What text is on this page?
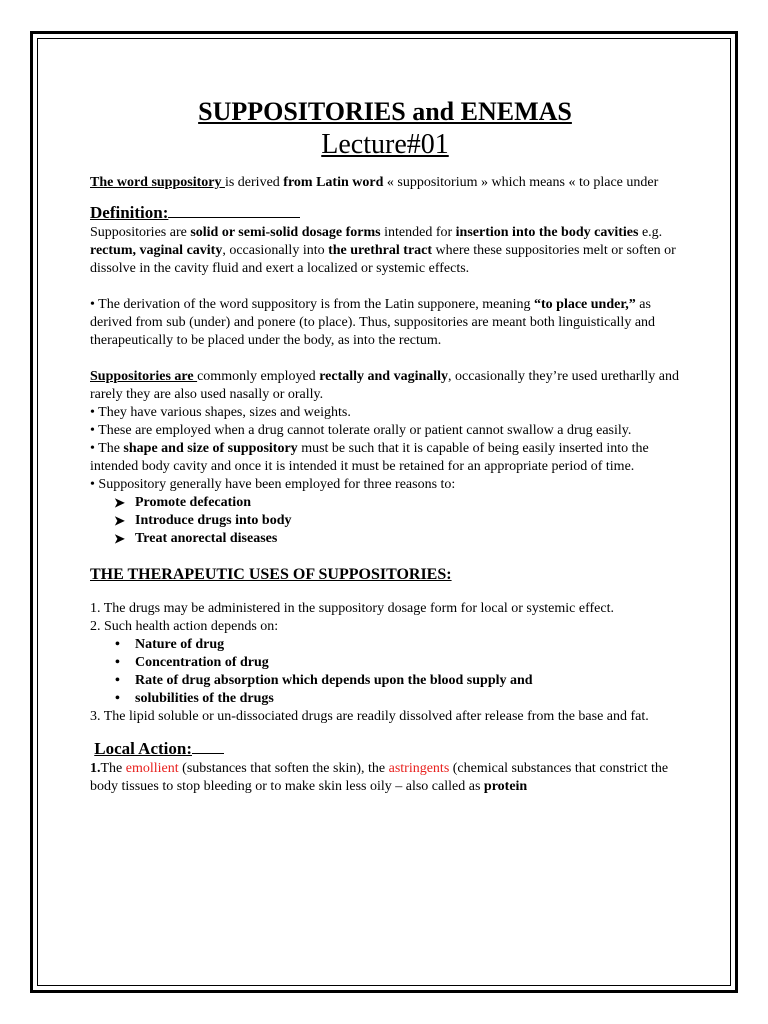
SUPPOSITORIES and ENEMAS
Lecture#01

The word suppository is derived from Latin word « suppositorium » which means « to place under

Definition:

Suppositories are solid or semi-solid dosage forms intended for insertion into the body cavities e.g. rectum, vaginal cavity, occasionally into the urethral tract where these suppositories melt or soften or dissolve in the cavity fluid and exert a localized or systemic effects.

• The derivation of the word suppository is from the Latin supponere, meaning “to place under,” as derived from sub (under) and ponere (to place). Thus, suppositories are meant both linguistically and therapeutically to be placed under the body, as into the rectum.

Suppositories are commonly employed rectally and vaginally, occasionally they’re used uretharlly and rarely they are also used nasally or orally.

• They have various shapes, sizes and weights.

• These are employed when a drug cannot tolerate orally or patient cannot swallow a drug easily.

• The shape and size of suppository must be such that it is capable of being easily inserted into the intended body cavity and once it is intended it must be retained for an appropriate period of time.

• Suppository generally have been employed for three reasons to:

➤ Promote defecation
➤ Introduce drugs into body
➤ Treat anorectal diseases
THE THERAPEUTIC USES OF SUPPOSITORIES:

1. The drugs may be administered in the suppository dosage form for local or systemic effect.

2. Such health action depends on:

• Nature of drug
• Concentration of drug
• Rate of drug absorption which depends upon the blood supply and
• solubilities of the drugs

3. The lipid soluble or un-dissociated drugs are readily dissolved after release from the base and fat.

Local Action:

1.The emollient (substances that soften the skin), the astringents (chemical substances that constrict the body tissues to stop bleeding or to make skin less oily – also called as protein
